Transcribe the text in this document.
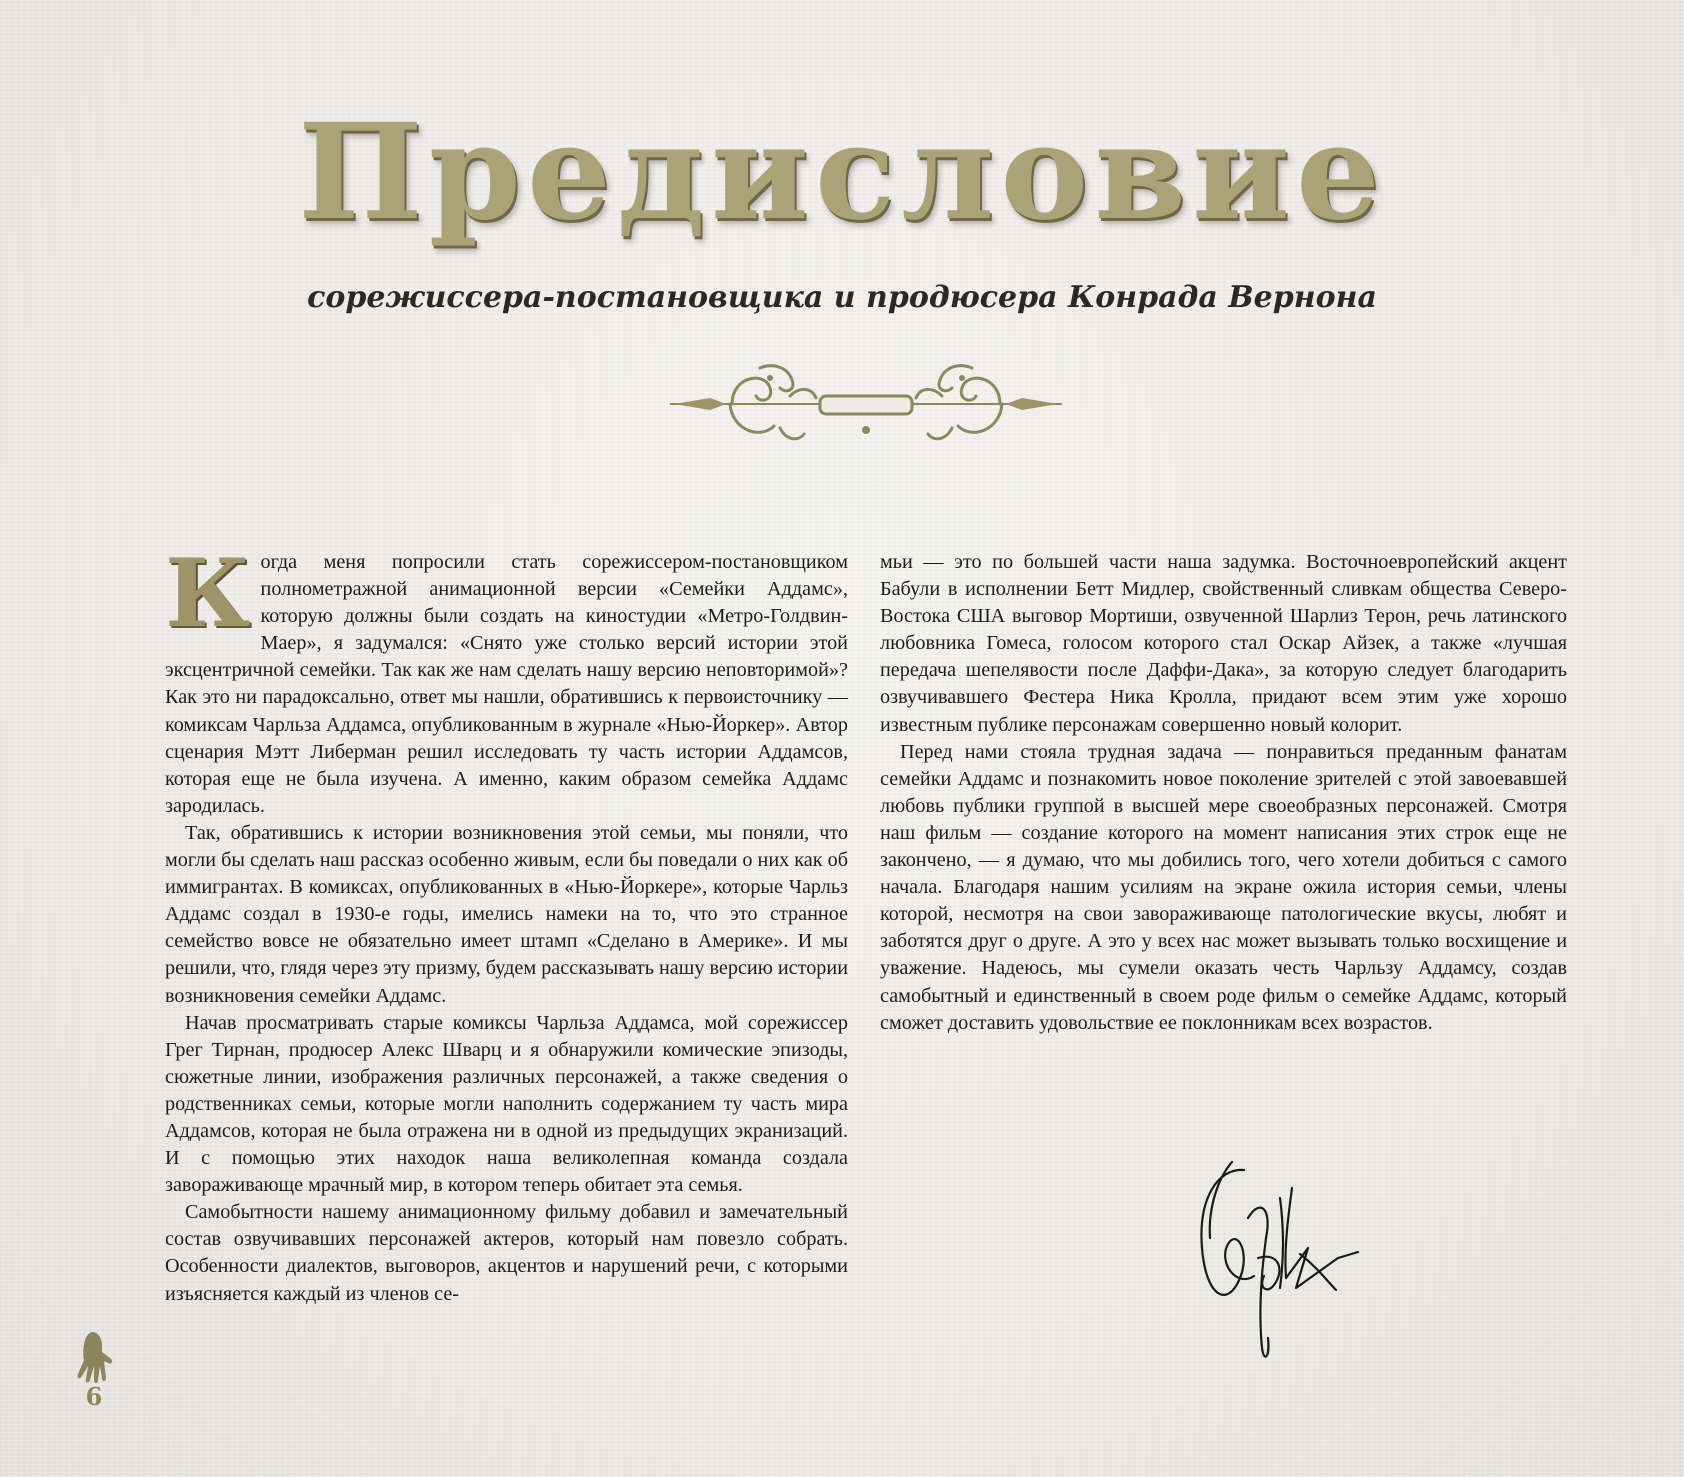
Предисловие
сорежиссера-постановщика и продюсера Конрада Вернона

Когда меня попросили стать сорежиссером-постановщиком полнометражной анимационной версии «Семейки Аддамс», которую должны были создать на киностудии «Метро-Голдвин-Маер», я задумался: «Снято уже столько версий истории этой эксцентричной семейки. Так как же нам сделать нашу версию неповторимой»? Как это ни парадоксально, ответ мы нашли, обратившись к первоисточнику — комиксам Чарльза Аддамса, опубликованным в журнале «Нью-Йоркер». Автор сценария Мэтт Либерман решил исследовать ту часть истории Аддамсов, которая еще не была изучена. А именно, каким образом семейка Аддамс зародилась.

Так, обратившись к истории возникновения этой семьи, мы поняли, что могли бы сделать наш рассказ особенно живым, если бы поведали о них как об иммигрантах. В комиксах, опубликованных в «Нью-Йоркере», которые Чарльз Аддамс создал в 1930-е годы, имелись намеки на то, что это странное семейство вовсе не обязательно имеет штамп «Сделано в Америке». И мы решили, что, глядя через эту призму, будем рассказывать нашу версию истории возникновения семейки Аддамс.

Начав просматривать старые комиксы Чарльза Аддамса, мой сорежиссер Грег Тирнан, продюсер Алекс Шварц и я обнаружили комические эпизоды, сюжетные линии, изображения различных персонажей, а также сведения о родственниках семьи, которые могли наполнить содержанием ту часть мира Аддамсов, которая не была отражена ни в одной из предыдущих экранизаций. И с помощью этих находок наша великолепная команда создала завораживающе мрачный мир, в котором теперь обитает эта семья.

Самобытности нашему анимационному фильму добавил и замечательный состав озвучивавших персонажей актеров, который нам повезло собрать. Особенности диалектов, выговоров, акцентов и нарушений речи, с которыми изъясняется каждый из членов се-

мьи — это по большей части наша задумка. Восточноевропейский акцент Бабули в исполнении Бетт Мидлер, свойственный сливкам общества Северо-Востока США выговор Мортиши, озвученной Шарлиз Терон, речь латинского любовника Гомеса, голосом которого стал Оскар Айзек, а также «лучшая передача шепелявости после Даффи-Дака», за которую следует благодарить озвучивавшего Фестера Ника Кролла, придают всем этим уже хорошо известным публике персонажам совершенно новый колорит.

Перед нами стояла трудная задача — понравиться преданным фанатам семейки Аддамс и познакомить новое поколение зрителей с этой завоевавшей любовь публики группой в высшей мере своеобразных персонажей. Смотря наш фильм — создание которого на момент написания этих строк еще не закончено, — я думаю, что мы добились того, чего хотели добиться с самого начала. Благодаря нашим усилиям на экране ожила история семьи, члены которой, несмотря на свои завораживающе патологические вкусы, любят и заботятся друг о друге. А это у всех нас может вызывать только восхищение и уважение. Надеюсь, мы сумели оказать честь Чарльзу Аддамсу, создав самобытный и единственный в своем роде фильм о семейке Аддамс, который сможет доставить удовольствие ее поклонникам всех возрастов.

6
